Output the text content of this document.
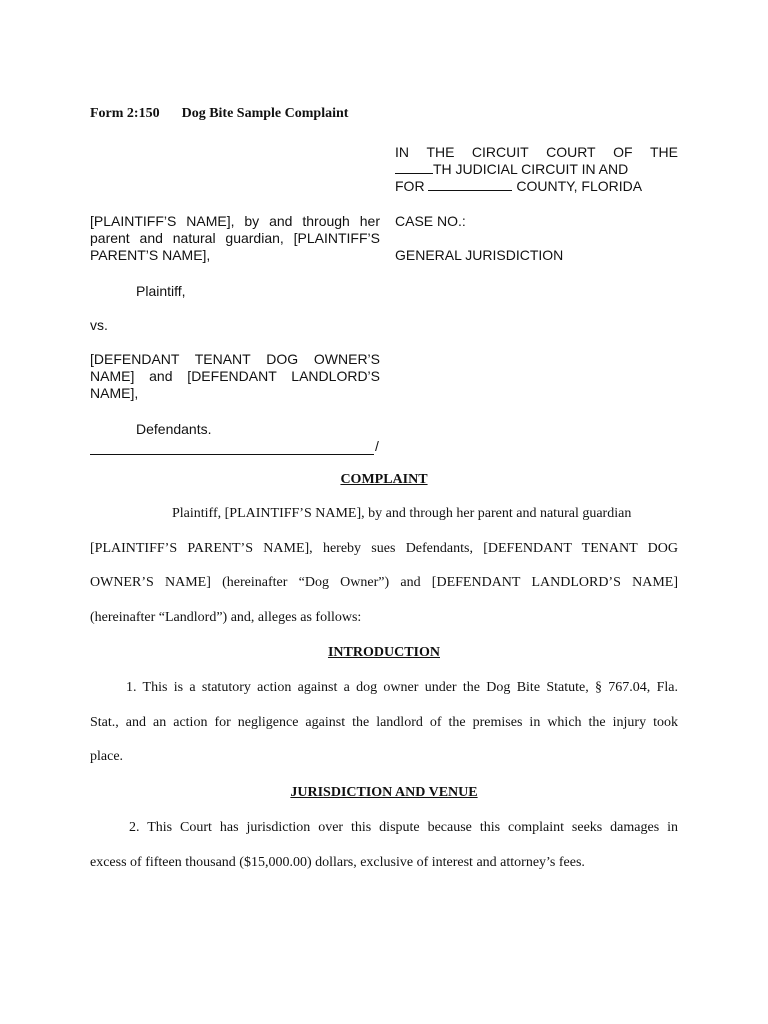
Form 2:150 Dog Bite Sample Complaint
IN THE CIRCUIT COURT OF THE
TH JUDICIAL CIRCUIT IN AND
FOR

	COUNTY, FLORIDA
[PLAINTIFF’S NAME], by and through her parent and natural guardian, [PLAINTIFF’S PARENT’S NAME],
CASE NO.:
GENERAL JURISDICTION
Plaintiff,
vs.
[DEFENDANT TENANT DOG OWNER’S NAME] and [DEFENDANT LANDLORD’S NAME],
Defendants.
/
COMPLAINT
Plaintiff, [PLAINTIFF’S NAME], by and through her parent and natural guardian
[PLAINTIFF’S PARENT’S NAME], hereby sues Defendants, [DEFENDANT TENANT DOG
OWNER’S NAME] (hereinafter “Dog Owner”) and [DEFENDANT LANDLORD’S NAME]
(hereinafter “Landlord”) and, alleges as follows:
INTRODUCTION
1. This is a statutory action against a dog owner under the Dog Bite Statute, § 767.04, Fla.
Stat., and an action for negligence against the landlord of the premises in which the injury took
place.
JURISDICTION AND VENUE
2. This Court has jurisdiction over this dispute because this complaint seeks damages in
excess of fifteen thousand ($15,000.00) dollars, exclusive of interest and attorney’s fees.
